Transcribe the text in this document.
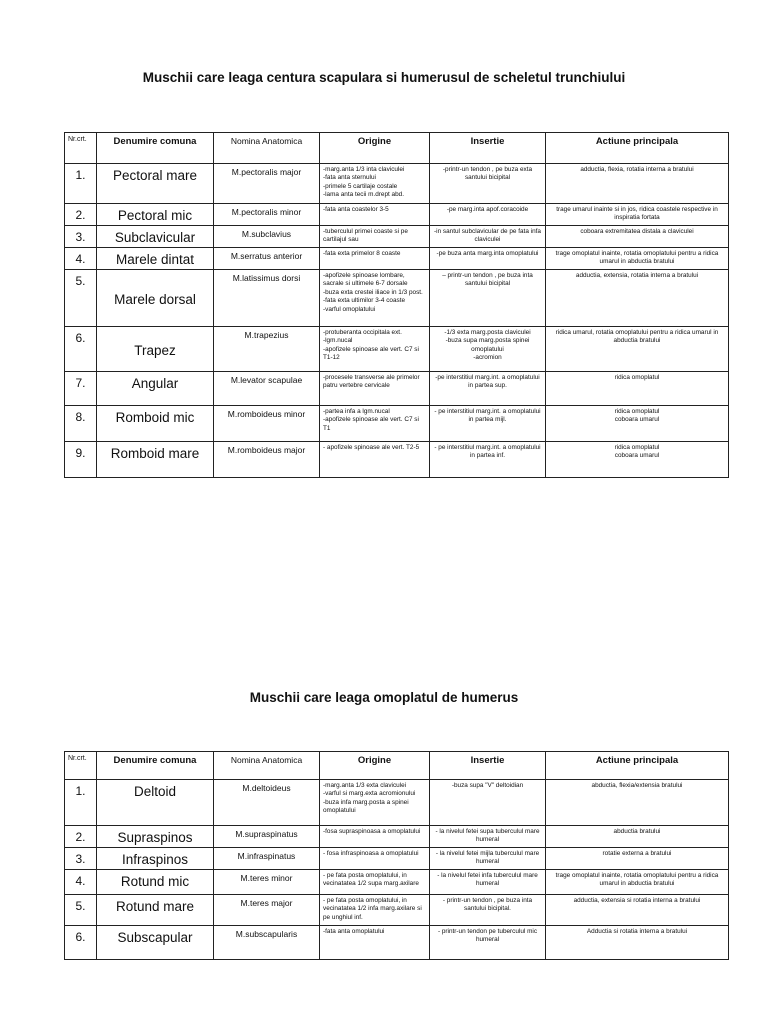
Muschii care leaga centura scapulara si humerusul de scheletul trunchiului
Nr.crt.	Denumire comuna	Nomina Anatomica	Origine	Insertie	Actiune principala
1.	Pectoral mare	M.pectoralis major	-marg.anta 1/3 inta claviculei
-fata anta sternului
-primele 5 cartilaje costale
-lama anta tecii m.drept abd.	-printr-un tendon , pe buza exta santului bicipital	adductia, flexia, rotatia interna a bratului
2.	Pectoral mic	M.pectoralis minor	-fata anta coastelor 3-5	-pe marg.inta apof.coracoide	trage umarul inainte si in jos, ridica coastele respective in inspiratia fortata
3.	Subclavicular	M.subclavius	-tuberculul primei coaste si pe cartilajul sau	-in santul subclavicular de pe fata infa claviculei	coboara extremitatea distala a claviculei
4.	Marele dintat	M.serratus anterior	-fata exta primelor 8 coaste	-pe buza anta marg.inta omoplatului	trage omoplatul inainte, rotatia omoplatului pentru a ridica umarul in abductia bratului
5.	Marele dorsal	M.latissimus dorsi	-apofizele spinoase lombare, sacrale si ultimele 6-7 dorsale
-buza exta crestei iliace in 1/3 post.
-fata exta ultimilor 3-4 coaste
-varful omoplatului	– printr-un tendon , pe buza inta santului bicipital	adductia, extensia, rotatia interna a bratului
6.	Trapez	M.trapezius	-protuberanta occipitala ext.
-lgm.nucal
-apofizele spinoase ale vert. C7 si T1-12	-1/3 exta marg.posta claviculei
-buza supa marg.posta spinei omoplatului
-acromion	ridica umarul, rotatia omoplatului pentru a ridica umarul in abductia bratului
7.	Angular	M.levator scapulae	-procesele transverse ale primelor patru vertebre cervicale	-pe interstitiul marg.int. a omoplatului in partea sup.	ridica omoplatul
8.	Romboid mic	M.romboideus minor	-partea infa a lgm.nucal
-apofizele spinoase ale vert. C7 si T1	- pe interstitiul marg.int. a omoplatului in partea mijl.	ridica omoplatul
coboara umarul

9.	Romboid mare	M.romboideus major	- apofizele spinoase ale vert. T2-5	- pe interstitiul marg.int. a omoplatului in partea inf.	ridica omoplatul
coboara umarul
Muschii care leaga omoplatul de humerus
Nr.crt.	Denumire comuna	Nomina Anatomica	Origine	Insertie	Actiune principala
1.	Deltoid	M.deltoideus	-marg.anta 1/3 exta claviculei
-varful si marg.exta acromionului
-buza infa marg.posta a spinei omoplatului	-buza supa "V" deltoidian	abductia, flexia/extensia bratului
2.	Supraspinos	M.supraspinatus	-fosa supraspinoasa a omoplatului	- la nivelul fetei supa tuberculul mare humeral	abductia bratului
3.	Infraspinos	M.infraspinatus	- fosa infraspinoasa a omoplatului	- la nivelul fetei mijla tuberculul mare humeral	rotatie externa a bratului
4.	Rotund mic	M.teres minor	- pe fata posta omoplatului, in vecinatatea 1/2 supa marg.axilare	- la nivelul fetei infa tuberculul mare humeral	trage omoplatul inainte, rotatia omoplatului pentru a ridica umarul in abductia bratului
5.	Rotund mare	M.teres major	- pe fata posta omoplatului, in vecinatatea 1/2 infa marg.axilare si pe unghiul inf.	- printr-un tendon , pe buza inta santului bicipital.	adductia, extensia si rotatia interna a bratului
6.	Subscapular	M.subscapularis	-fata anta omoplatului	- printr-un tendon pe tuberculul mic humeral	Adductia si rotatia interna a bratului
